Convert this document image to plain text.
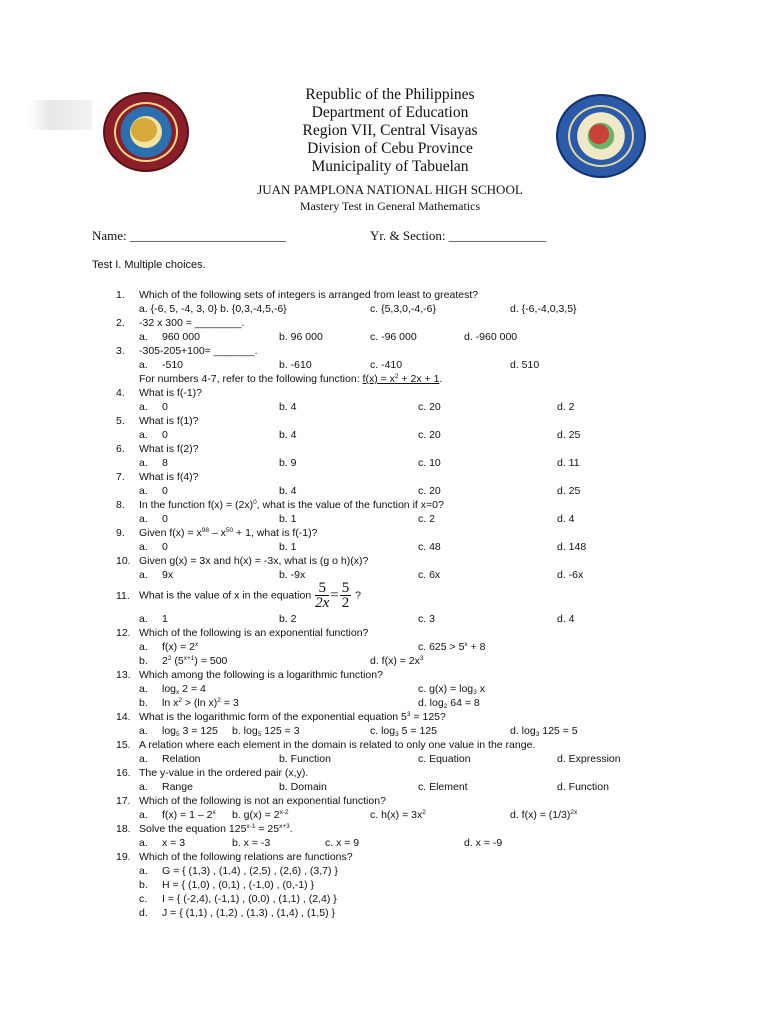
Republic of the Philippines
Department of Education
Region VII, Central Visayas
Division of Cebu Province
Municipality of Tabuelan
JUAN PAMPLONA NATIONAL HIGH SCHOOL
Mastery Test in General Mathematics
Name: ________________________	Yr. & Section: _______________
Test I. Multiple choices.
1.	Which of the following sets of integers is arranged from least to greatest?
a. {-6, 5, -4, 3, 0} b. {0,3,-4,5,-6}	c. {5,3,0,-4,-6}	d. {-6,-4,0,3,5}
2.	-32 x 300 = ________.
a. 960 000	b. 96 000	c. -96 000	d. -960 000
3.	-305-205+100= _______.
a. -510	b. -610	c. -410	d. 510
For numbers 4-7, refer to the following function: $f(x) = x^2 + 2x + 1$.
4.	What is f(-1)?
a. 0	b. 4	c. 20	d. 2
5.	What is f(1)?
a. 0	b. 4	c. 20	d. 25
6.	What is f(2)?
a. 8	b. 9	c. 10	d. 11
7.	What is f(4)?
a. 0	b. 4	c. 20	d. 25
8.	In the function $f(x) = (2x)^0$, what is the value of the function if x=0?
a. 0	b. 1	c. 2	d. 4
9.	Given $f(x) = x^{98} - x^{50} + 1$, what is f(-1)?
a. 0	b. 1	c. 48	d. 148
10. Given g(x) = 3x and h(x) = -3x, what is (g o h)(x)?
a. 9x	b. -9x	c. 6x	d. -6x
11. What is the value of x in the equation $\frac{5}{2x} = \frac{5}{2}$ ?
a. 1	b. 2	c. 3	d. 4
12. Which of the following is an exponential function?
a. $f(x) = 2^x$	c. $625 > 5^x + 8$
b. $2^2$ $(5^{x+1}) = 500$	d. $f(x) = 2x^3$
13. Which among the following is a logarithmic function?
a. $\log_x 2 = 4$	c. $g(x) = \log_3 x$
b. $\ln x^2 > (\ln$ x)$^2$ = 3	d. $\log_2 64 = 8$
14. What is the logarithmic form of the exponential equation $5^3 = 125$?
a. $\log_5 3 = 125$ b. $\log_5 125 = 3$	c. $\log_3 5 = 125$	d. $\log_3 125 = 5$
15. A relation where each element in the domain is related to only one value in the range.
a. Relation	b. Function	c. Equation	d. Expression
16. The y-value in the ordered pair (x,y).
a. Range	b. Domain	c. Element	d. Function
17. Which of the following is not an exponential function?
a. f(x) = 1 – 2$^x$ b. $g(x) = 2^{x-2}$	c. $h(x) = 3x^2$	d. $f(x) = (1/3)^{2x}$
18. Solve the equation $125^{x-1} = 25^{x+3}$.
a. x = 3	b. x = -3	c. x = 9	d. x = -9
19. Which of the following relations are functions?
a. G = { (1,3) , (1,4) , (2,5) , (2,6) , (3,7) }
b. H = { (1,0) , (0,1) , (-1,0) , (0,-1) }
c. I = { (-2,4), (-1,1) , (0,0) , (1,1) , (2,4) }
d. J = { (1,1) , (1,2) , (1,3) , (1,4) , (1,5) }
